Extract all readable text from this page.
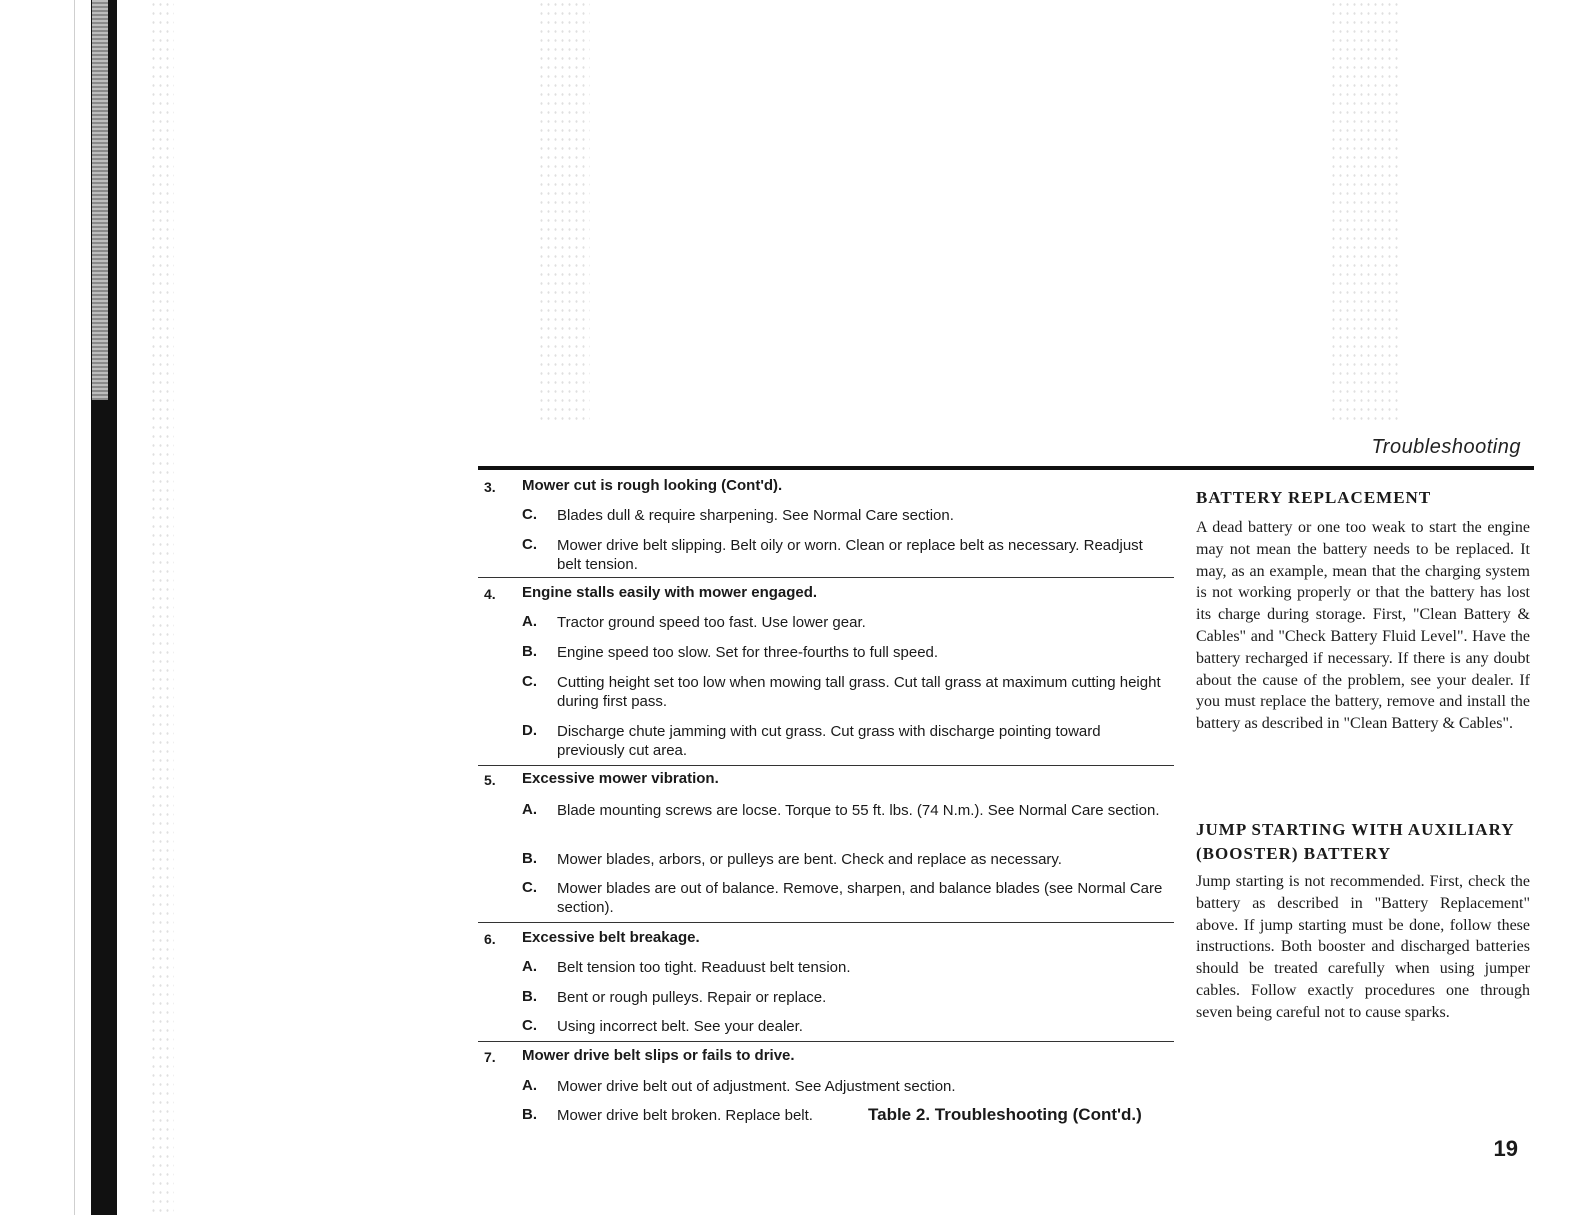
Troubleshooting
3. Mower cut is rough looking (Cont'd).
C. Blades dull & require sharpening. See Normal Care section.
C. Mower drive belt slipping. Belt oily or worn. Clean or replace belt as necessary. Readjust belt tension.
4. Engine stalls easily with mower engaged.
A. Tractor ground speed too fast. Use lower gear.
B. Engine speed too slow. Set for three-fourths to full speed.
C. Cutting height set too low when mowing tall grass. Cut tall grass at maximum cutting height during first pass.
D. Discharge chute jamming with cut grass. Cut grass with discharge pointing toward previously cut area.
5. Excessive mower vibration.
A. Blade mounting screws are locse. Torque to 55 ft. lbs. (74 N.m.). See Normal Care section.
B. Mower blades, arbors, or pulleys are bent. Check and replace as necessary.
C. Mower blades are out of balance. Remove, sharpen, and balance blades (see Normal Care section).
6. Excessive belt breakage.
A. Belt tension too tight. Readuust belt tension.
B. Bent or rough pulleys. Repair or replace.
C. Using incorrect belt. See your dealer.
7. Mower drive belt slips or fails to drive.
A. Mower drive belt out of adjustment. See Adjustment section.
B. Mower drive belt broken. Replace belt.	Table 2. Troubleshooting (Cont'd.)
BATTERY REPLACEMENT
A dead battery or one too weak to start the engine may not mean the battery needs to be replaced. It may, as an example, mean that the charging system is not working properly or that the battery has lost its charge during storage. First, "Clean Battery & Cables" and "Check Battery Fluid Level". Have the battery recharged if necessary. If there is any doubt about the cause of the problem, see your dealer. If you must replace the battery, remove and install the battery as described in "Clean Battery & Cables".
JUMP STARTING WITH AUXILIARY (BOOSTER) BATTERY
Jump starting is not recommended. First, check the battery as described in "Battery Replacement" above. If jump starting must be done, follow these instructions. Both booster and discharged batteries should be treated carefully when using jumper cables. Follow exactly procedures one through seven being careful not to cause sparks.
19
